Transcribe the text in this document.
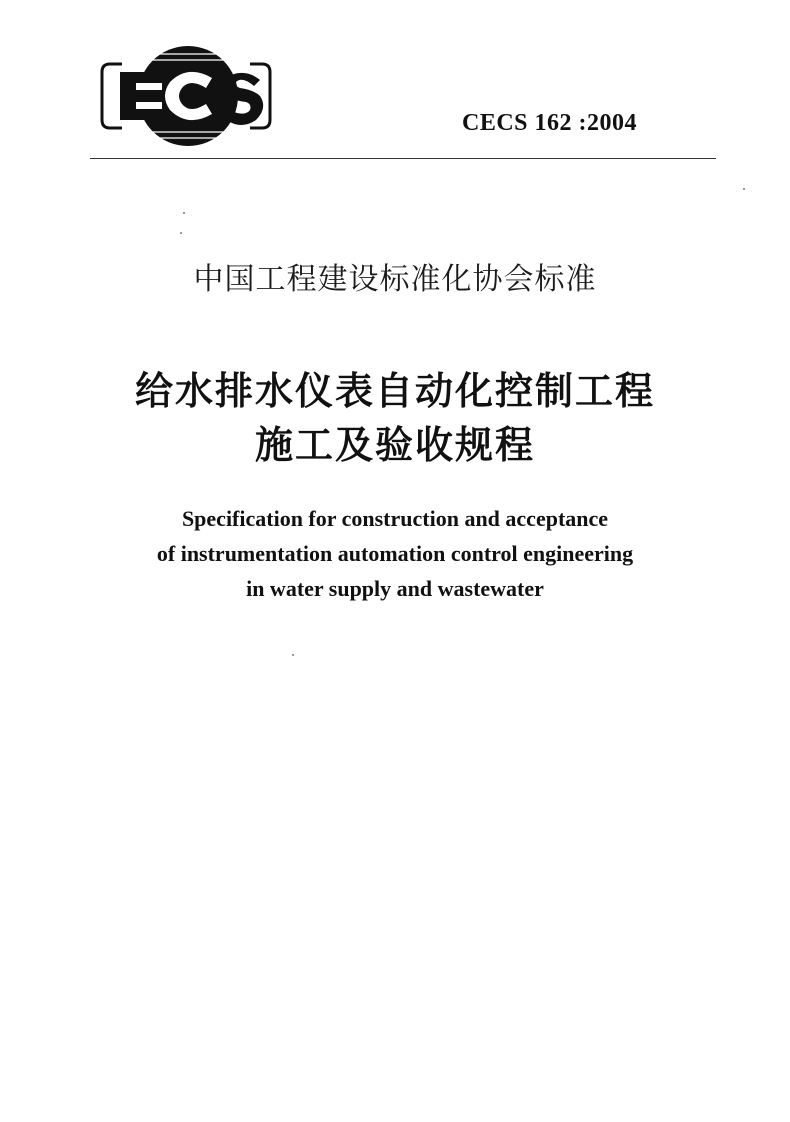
CECS 162 :2004
中国工程建设标准化协会标准
给水排水仪表自动化控制工程
施工及验收规程
Specification for construction and acceptance
of instrumentation automation control engineering
in water supply and wastewater
